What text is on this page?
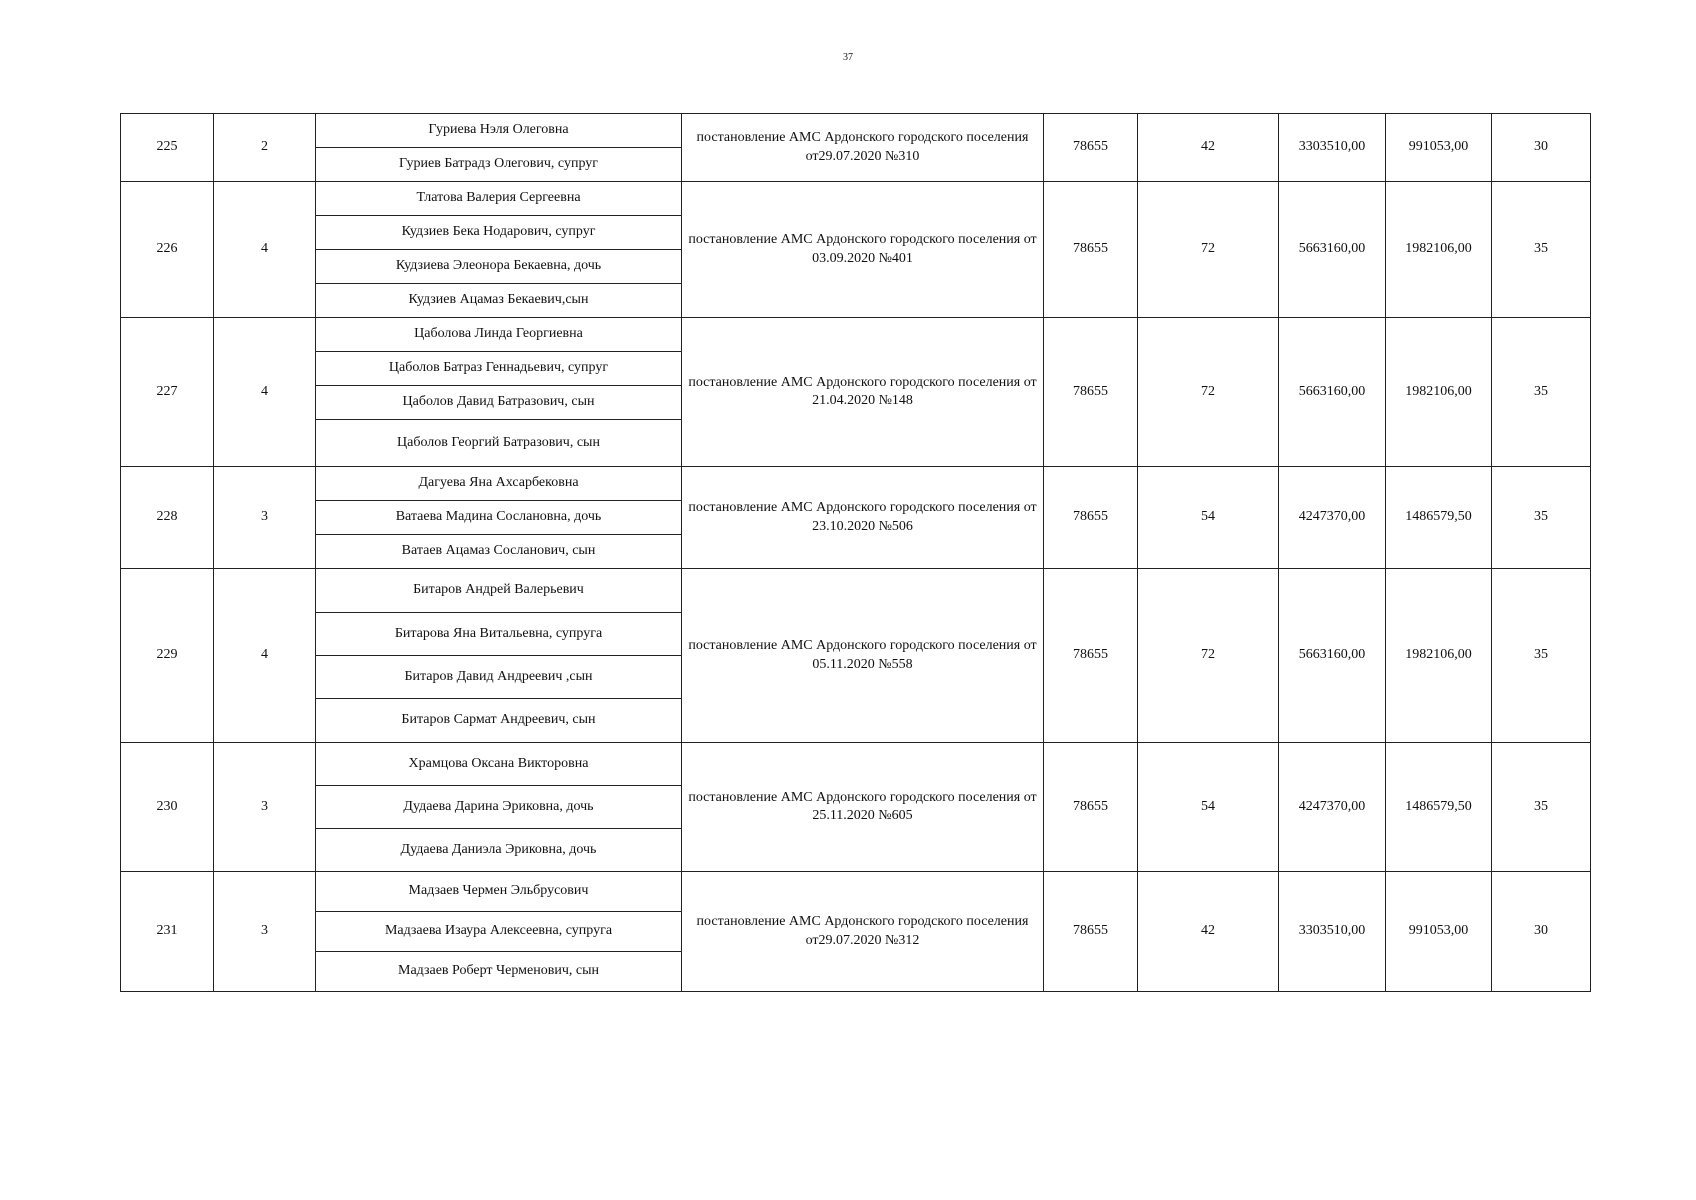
37
225	2	Гуриева Нэля Олеговна	постановление АМС Ардонского городского поселения от29.07.2020 №310	78655	42	3303510,00	991053,00	30
		Гуриев Батрадз Олегович, супруг						
226	4	Тлатова Валерия Сергеевна	постановление АМС Ардонского городского поселения от 03.09.2020 №401	78655	72	5663160,00	1982106,00	35
		Кудзиев Бека Нодарович, супруг						
		Кудзиева Элеонора Бекаевна, дочь						
		Кудзиев Ацамаз Бекаевич,сын						
227	4	Цаболова Линда Георгиевна	постановление АМС Ардонского городского поселения от 21.04.2020 №148	78655	72	5663160,00	1982106,00	35
		Цаболов Батраз Геннадьевич, супруг						
		Цаболов Давид Батразович, сын						
		Цаболов Георгий Батразович, сын						
228	3	Дагуева Яна Ахсарбековна	постановление АМС Ардонского городского поселения от 23.10.2020 №506	78655	54	4247370,00	1486579,50	35
		Ватаева Мадина Сослановна, дочь						
		Ватаев Ацамаз Сосланович, сын						
229	4	Битаров Андрей Валерьевич	постановление АМС Ардонского городского поселения от 05.11.2020 №558	78655	72	5663160,00	1982106,00	35
		Битарова Яна Витальевна, супруга						
		Битаров Давид Андреевич ,сын						
		Битаров Сармат Андреевич, сын						
230	3	Храмцова Оксана Викторовна	постановление АМС Ардонского городского поселения от 25.11.2020 №605	78655	54	4247370,00	1486579,50	35
		Дудаева Дарина Эриковна, дочь						
		Дудаева Даниэла Эриковна, дочь						
231	3	Мадзаев Чермен Эльбрусович	постановление АМС Ардонского городского поселения от29.07.2020 №312	78655	42	3303510,00	991053,00	30
		Мадзаева Изаура Алексеевна, супруга						
		Мадзаев Роберт Черменович, сын						
